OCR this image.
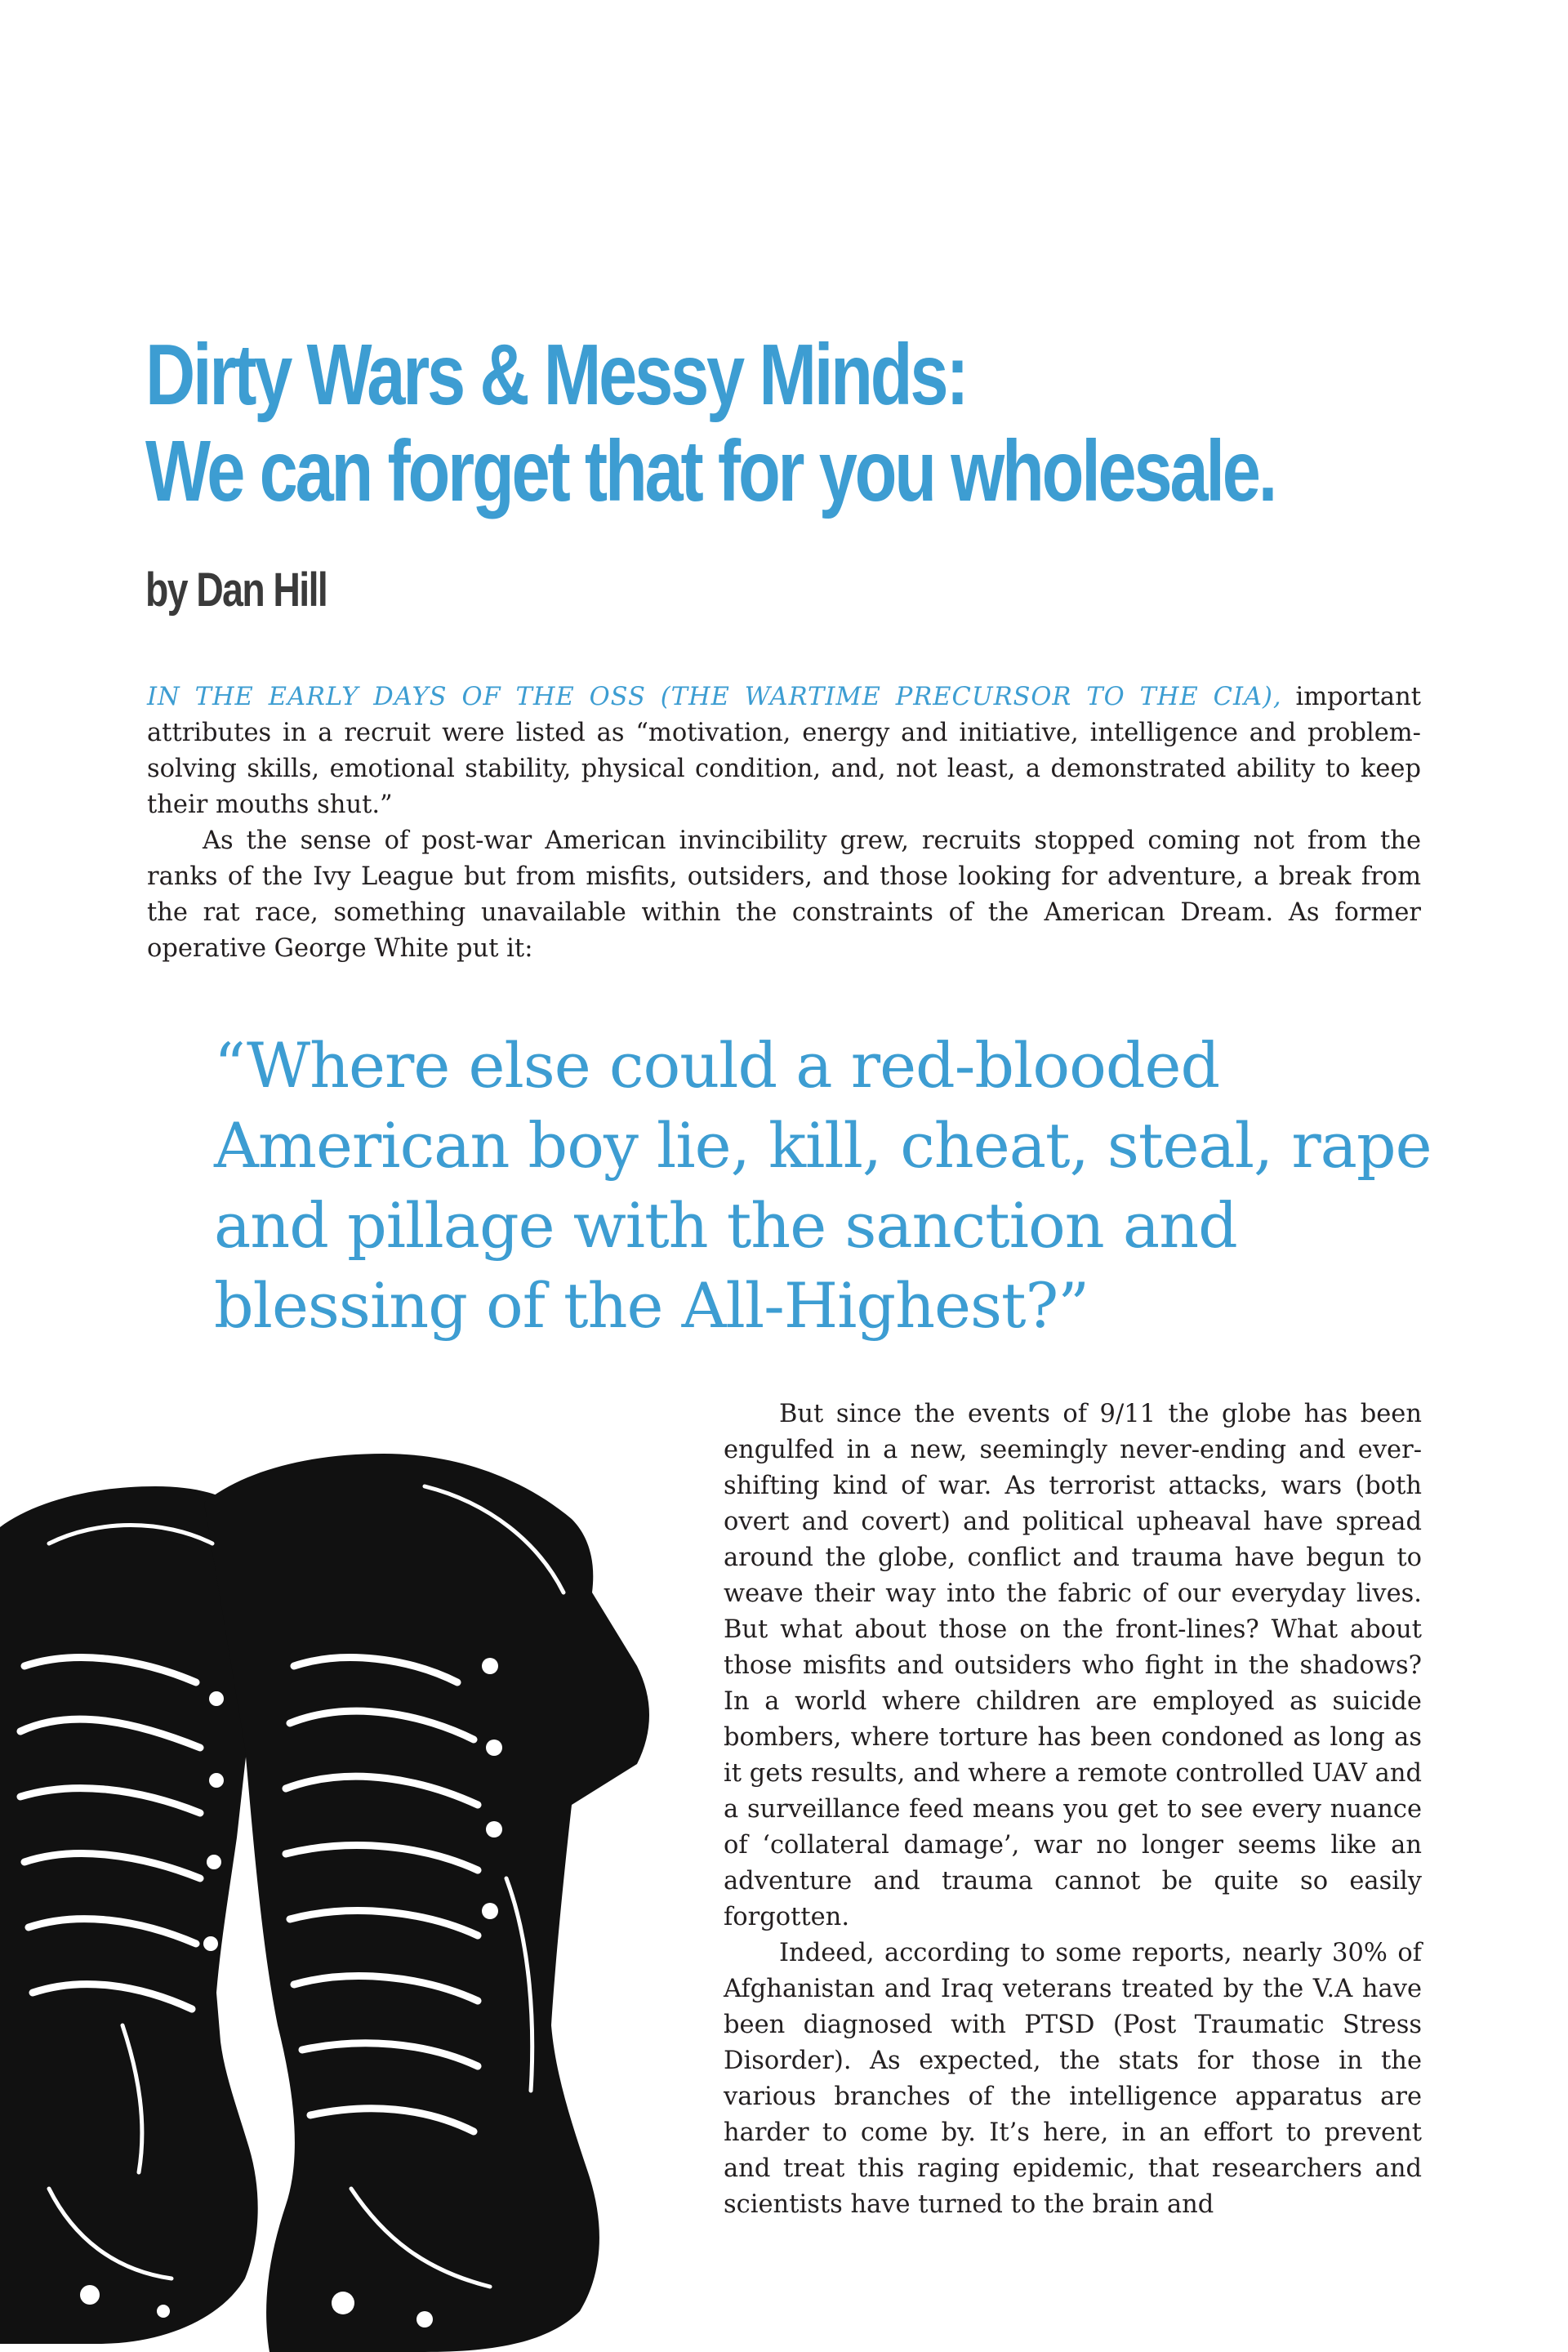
Dirty Wars & Messy Minds:
We can forget that for you wholesale.
by Dan Hill

IN THE EARLY DAYS OF THE OSS (THE WARTIME PRECURSOR TO THE CIA), important attributes in a recruit were listed as “motivation, energy and initiative, intelligence and problem-solving skills, emotional stability, physical condition, and, not least, a demonstrated ability to keep their mouths shut.”

As the sense of post-war American invincibility grew, recruits stopped coming not from the ranks of the Ivy League but from misfits, outsiders, and those looking for adventure, a break from the rat race, something unavailable within the constraints of the American Dream. As former operative George White put it:

“Where else could a red-blooded American boy lie, kill, cheat, steal, rape and pillage with the sanction and blessing of the All-Highest?”

But since the events of 9/11 the globe has been engulfed in a new, seemingly never-ending and ever-shifting kind of war. As terrorist attacks, wars (both overt and covert) and political upheaval have spread around the globe, conflict and trauma have begun to weave their way into the fabric of our everyday lives. But what about those on the front-lines? What about those misfits and outsiders who fight in the shadows? In a world where children are employed as suicide bombers, where torture has been condoned as long as it gets results, and where a remote controlled UAV and a surveillance feed means you get to see every nuance of ‘collateral damage’, war no longer seems like an adventure and trauma cannot be quite so easily forgotten.

Indeed, according to some reports, nearly 30% of Afghanistan and Iraq veterans treated by the V.A have been diagnosed with PTSD (Post Traumatic Stress Disorder). As expected, the stats for those in the various branches of the intelligence apparatus are harder to come by. It’s here, in an effort to prevent and treat this raging epidemic, that researchers and scientists have turned to the brain and
